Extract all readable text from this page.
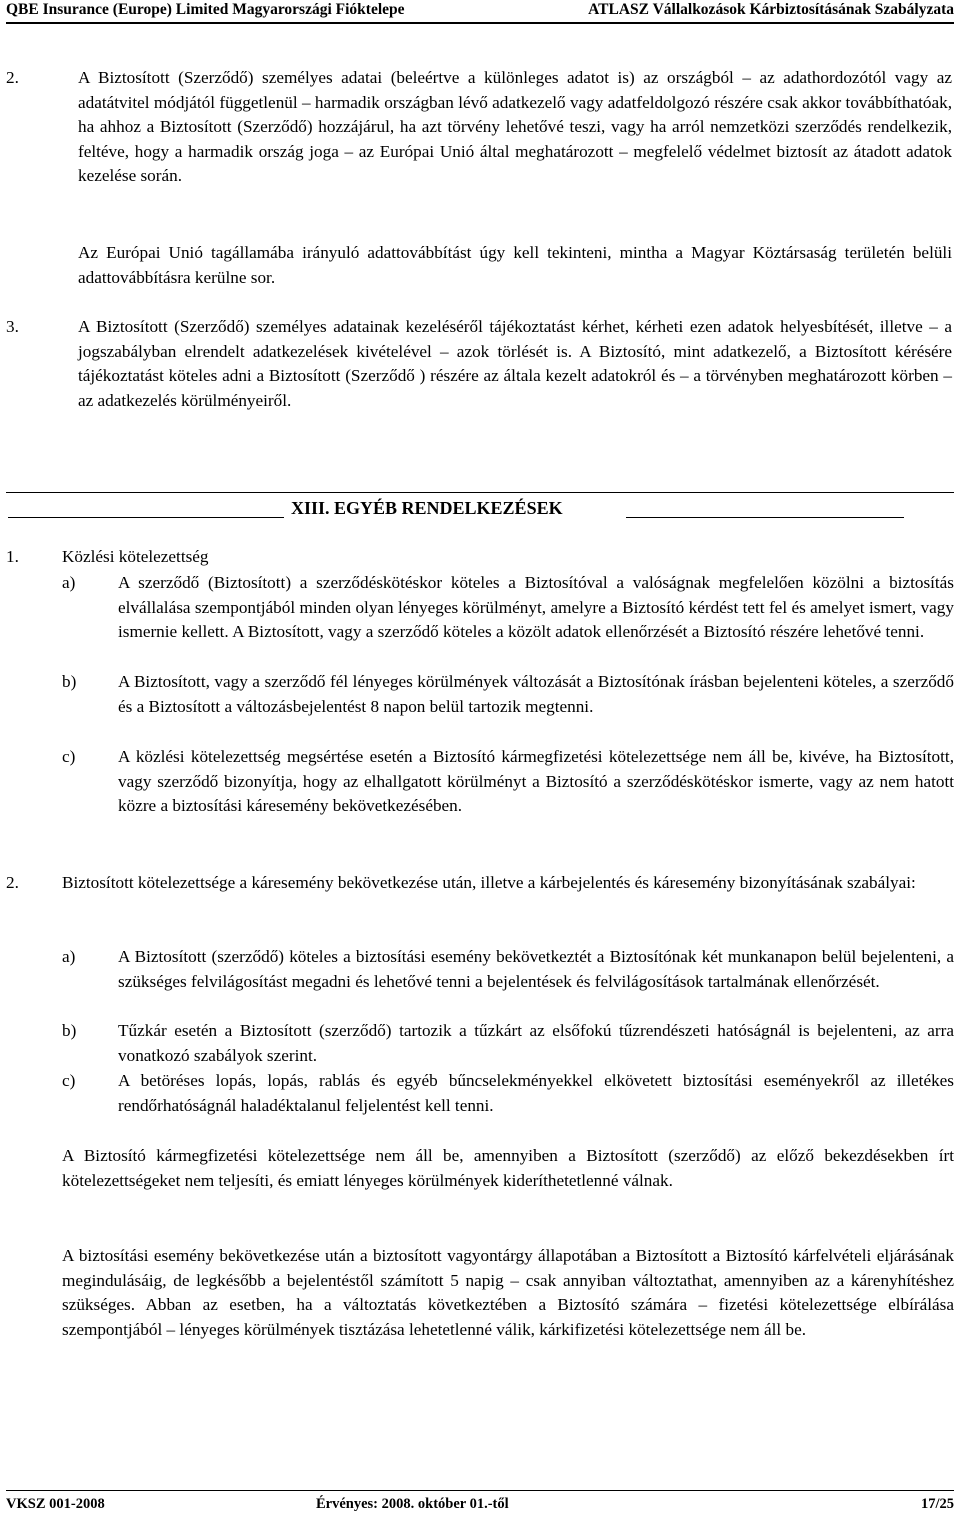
QBE Insurance (Europe) Limited Magyarországi Fióktelepe	ATLASZ Vállalkozások Kárbiztosításának Szabályzata
2.	A Biztosított (Szerződő) személyes adatai (beleértve a különleges adatot is) az országból – az adathordozótól vagy az adatátvitel módjától függetlenül – harmadik országban lévő adatkezelő vagy adatfeldolgozó részére csak akkor továbbíthatóak, ha ahhoz a Biztosított (Szerződő) hozzájárul, ha azt törvény lehetővé teszi, vagy ha arról nemzetközi szerződés rendelkezik, feltéve, hogy a harmadik ország joga – az Európai Unió által meghatározott – megfelelő védelmet biztosít az átadott adatok kezelése során.

Az Európai Unió tagállamába irányuló adattovábbítást úgy kell tekinteni, mintha a Magyar Köztársaság területén belüli adattovábbításra kerülne sor.

3.	A Biztosított (Szerződő) személyes adatainak kezeléséről tájékoztatást kérhet, kérheti ezen adatok helyesbítését, illetve – a jogszabályban elrendelt adatkezelések kivételével – azok törlését is. A Biztosító, mint adatkezelő, a Biztosított kérésére tájékoztatást köteles adni a Biztosított (Szerződő ) részére az általa kezelt adatokról és – a törvényben meghatározott körben – az adatkezelés körülményeiről.

XIII. EGYÉB RENDELKEZÉSEK
1.	Közlési kötelezettség
a) A szerződő (Biztosított) a szerződéskötéskor köteles a Biztosítóval a valóságnak megfelelően közölni a biztosítás elvállalása szempontjából minden olyan lényeges körülményt, amelyre a Biztosító kérdést tett fel és amelyet ismert, vagy ismernie kellett. A Biztosított, vagy a szerződő köteles a közölt adatok ellenőrzését a Biztosító részére lehetővé tenni.

b) A Biztosított, vagy a szerződő fél lényeges körülmények változását a Biztosítónak írásban bejelenteni köteles, a szerződő és a Biztosított a változásbejelentést 8 napon belül tartozik megtenni.

c) A közlési kötelezettség megsértése esetén a Biztosító kármegfizetési kötelezettsége nem áll be, kivéve, ha Biztosított, vagy szerződő bizonyítja, hogy az elhallgatott körülményt a Biztosító a szerződéskötéskor ismerte, vagy az nem hatott közre a biztosítási káresemény bekövetkezésében.

2.	Biztosított kötelezettsége a káresemény bekövetkezése után, illetve a kárbejelentés és káresemény bizonyításának szabályai:

a) A Biztosított (szerződő) köteles a biztosítási esemény bekövetkeztét a Biztosítónak két munkanapon belül bejelenteni, a szükséges felvilágosítást megadni és lehetővé tenni a bejelentések és felvilágosítások tartalmának ellenőrzését.

b) Tűzkár esetén a Biztosított (szerződő) tartozik a tűzkárt az elsőfokú tűzrendészeti hatóságnál is bejelenteni, az arra vonatkozó szabályok szerint.

c) A betöréses lopás, lopás, rablás és egyéb bűncselekményekkel elkövetett biztosítási eseményekről az illetékes rendőrhatóságnál haladéktalanul feljelentést kell tenni.

A Biztosító kármegfizetési kötelezettsége nem áll be, amennyiben a Biztosított (szerződő) az előző bekezdésekben írt kötelezettségeket nem teljesíti, és emiatt lényeges körülmények kideríthetetlenné válnak.

A biztosítási esemény bekövetkezése után a biztosított vagyontárgy állapotában a Biztosított a Biztosító kárfelvételi eljárásának megindulásáig, de legkésőbb a bejelentéstől számított 5 napig – csak annyiban változtathat, amennyiben az a kárenyhítéshez szükséges. Abban az esetben, ha a változtatás következtében a Biztosító számára – fizetési kötelezettsége elbírálása szempontjából – lényeges körülmények tisztázása lehetetlenné válik, kárkifizetési kötelezettsége nem áll be.

VKSZ 001-2008	Érvényes: 2008. október 01.-től	17/25
